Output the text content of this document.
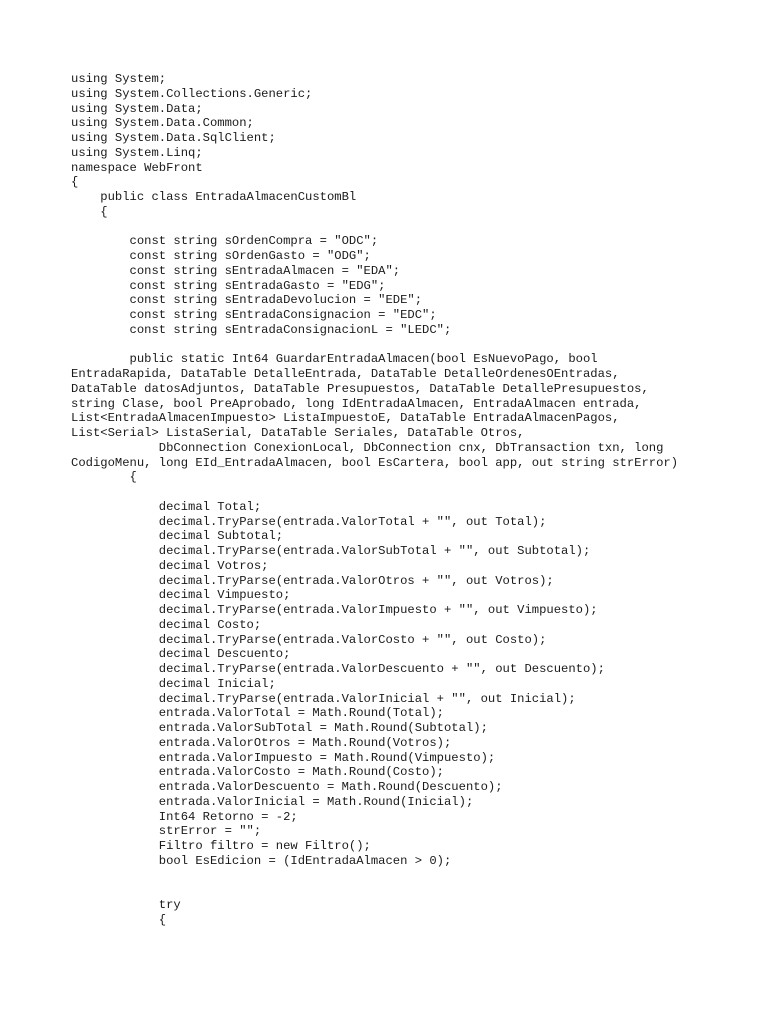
using System;
using System.Collections.Generic;
using System.Data;
using System.Data.Common;
using System.Data.SqlClient;
using System.Linq;
namespace WebFront
{
public class EntradaAlmacenCustomBl
{
const string sOrdenCompra = "ODC";
const string sOrdenGasto = "ODG";
const string sEntradaAlmacen = "EDA";
const string sEntradaGasto = "EDG";
const string sEntradaDevolucion = "EDE";
const string sEntradaConsignacion = "EDC";
const string sEntradaConsignacionL = "LEDC";
public static Int64 GuardarEntradaAlmacen(bool EsNuevoPago, bool
EntradaRapida, DataTable DetalleEntrada, DataTable DetalleOrdenesOEntradas,
DataTable datosAdjuntos, DataTable Presupuestos, DataTable DetallePresupuestos,
string Clase, bool PreAprobado, long IdEntradaAlmacen, EntradaAlmacen entrada,
List<EntradaAlmacenImpuesto> ListaImpuestoE, DataTable EntradaAlmacenPagos,
List<Serial> ListaSerial, DataTable Seriales, DataTable Otros,
DbConnection ConexionLocal, DbConnection cnx, DbTransaction txn, long
CodigoMenu, long EId_EntradaAlmacen, bool EsCartera, bool app, out string strError)
{
decimal Total;
decimal.TryParse(entrada.ValorTotal + "", out Total);
decimal Subtotal;
decimal.TryParse(entrada.ValorSubTotal + "", out Subtotal);
decimal Votros;
decimal.TryParse(entrada.ValorOtros + "", out Votros);
decimal Vimpuesto;
decimal.TryParse(entrada.ValorImpuesto + "", out Vimpuesto);
decimal Costo;
decimal.TryParse(entrada.ValorCosto + "", out Costo);
decimal Descuento;
decimal.TryParse(entrada.ValorDescuento + "", out Descuento);
decimal Inicial;
decimal.TryParse(entrada.ValorInicial + "", out Inicial);
entrada.ValorTotal = Math.Round(Total);
entrada.ValorSubTotal = Math.Round(Subtotal);
entrada.ValorOtros = Math.Round(Votros);
entrada.ValorImpuesto = Math.Round(Vimpuesto);
entrada.ValorCosto = Math.Round(Costo);
entrada.ValorDescuento = Math.Round(Descuento);
entrada.ValorInicial = Math.Round(Inicial);
Int64 Retorno = -2;
strError = "";
Filtro filtro = new Filtro();
bool EsEdicion = (IdEntradaAlmacen > 0);
try
{
